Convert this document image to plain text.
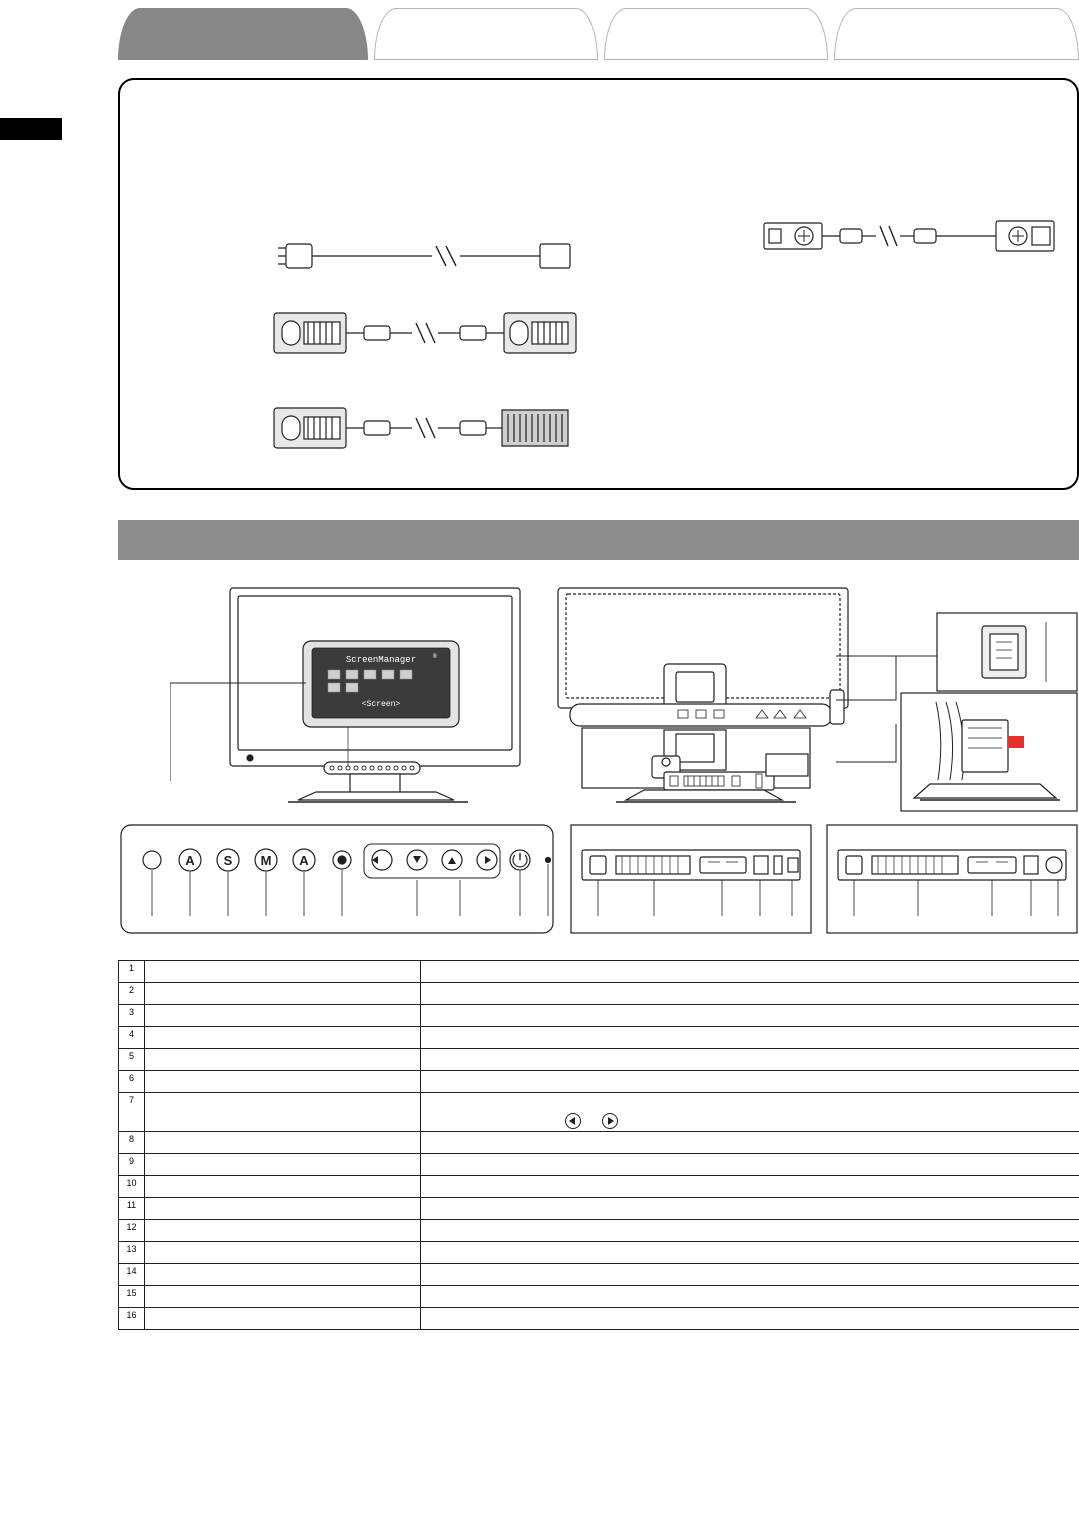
ScreenManager	®
<Screen>
A S M A
1		
2		
3		
4		
5		
6		
7		

8		
9		
10		
11		
12		
13		
14		
15		
16		
